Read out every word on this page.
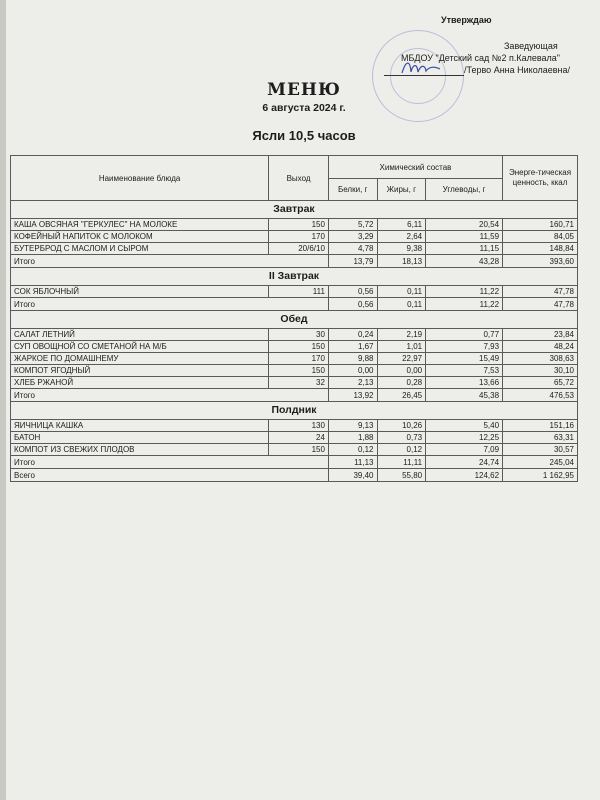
Утверждаю
Заведующая
МБДОУ "Детский сад №2 п.Калевала"
/Терво Анна Николаевна/
МЕНЮ
6 августа 2024 г.
Ясли 10,5 часов
Наименование блюда	Выход	Химический состав			Энерге-тическая ценность, ккал
		Белки, г	Жиры, г	Углеводы, г	
Завтрак					
КАША ОВСЯНАЯ "ГЕРКУЛЕС" НА МОЛОКЕ	150	5,72	6,11	20,54	160,71
КОФЕЙНЫЙ НАПИТОК С МОЛОКОМ	170	3,29	2,64	11,59	84,05
БУТЕРБРОД С МАСЛОМ И СЫРОМ	20/6/10	4,78	9,38	11,15	148,84
Итого		13,79	18,13	43,28	393,60
II Завтрак					
СОК ЯБЛОЧНЫЙ	111	0,56	0,11	11,22	47,78
Итого		0,56	0,11	11,22	47,78
Обед					
САЛАТ ЛЕТНИЙ	30	0,24	2,19	0,77	23,84
СУП ОВОЩНОЙ СО СМЕТАНОЙ НА М/Б	150	1,67	1,01	7,93	48,24
ЖАРКОЕ ПО ДОМАШНЕМУ	170	9,88	22,97	15,49	308,63
КОМПОТ ЯГОДНЫЙ	150	0,00	0,00	7,53	30,10
ХЛЕБ РЖАНОЙ	32	2,13	0,28	13,66	65,72
Итого		13,92	26,45	45,38	476,53
Полдник					
ЯИЧНИЦА КАШКА	130	9,13	10,26	5,40	151,16
БАТОН	24	1,88	0,73	12,25	63,31
КОМПОТ ИЗ СВЕЖИХ ПЛОДОВ	150	0,12	0,12	7,09	30,57
Итого		11,13	11,11	24,74	245,04
Всего		39,40	55,80	124,62	1 162,95
